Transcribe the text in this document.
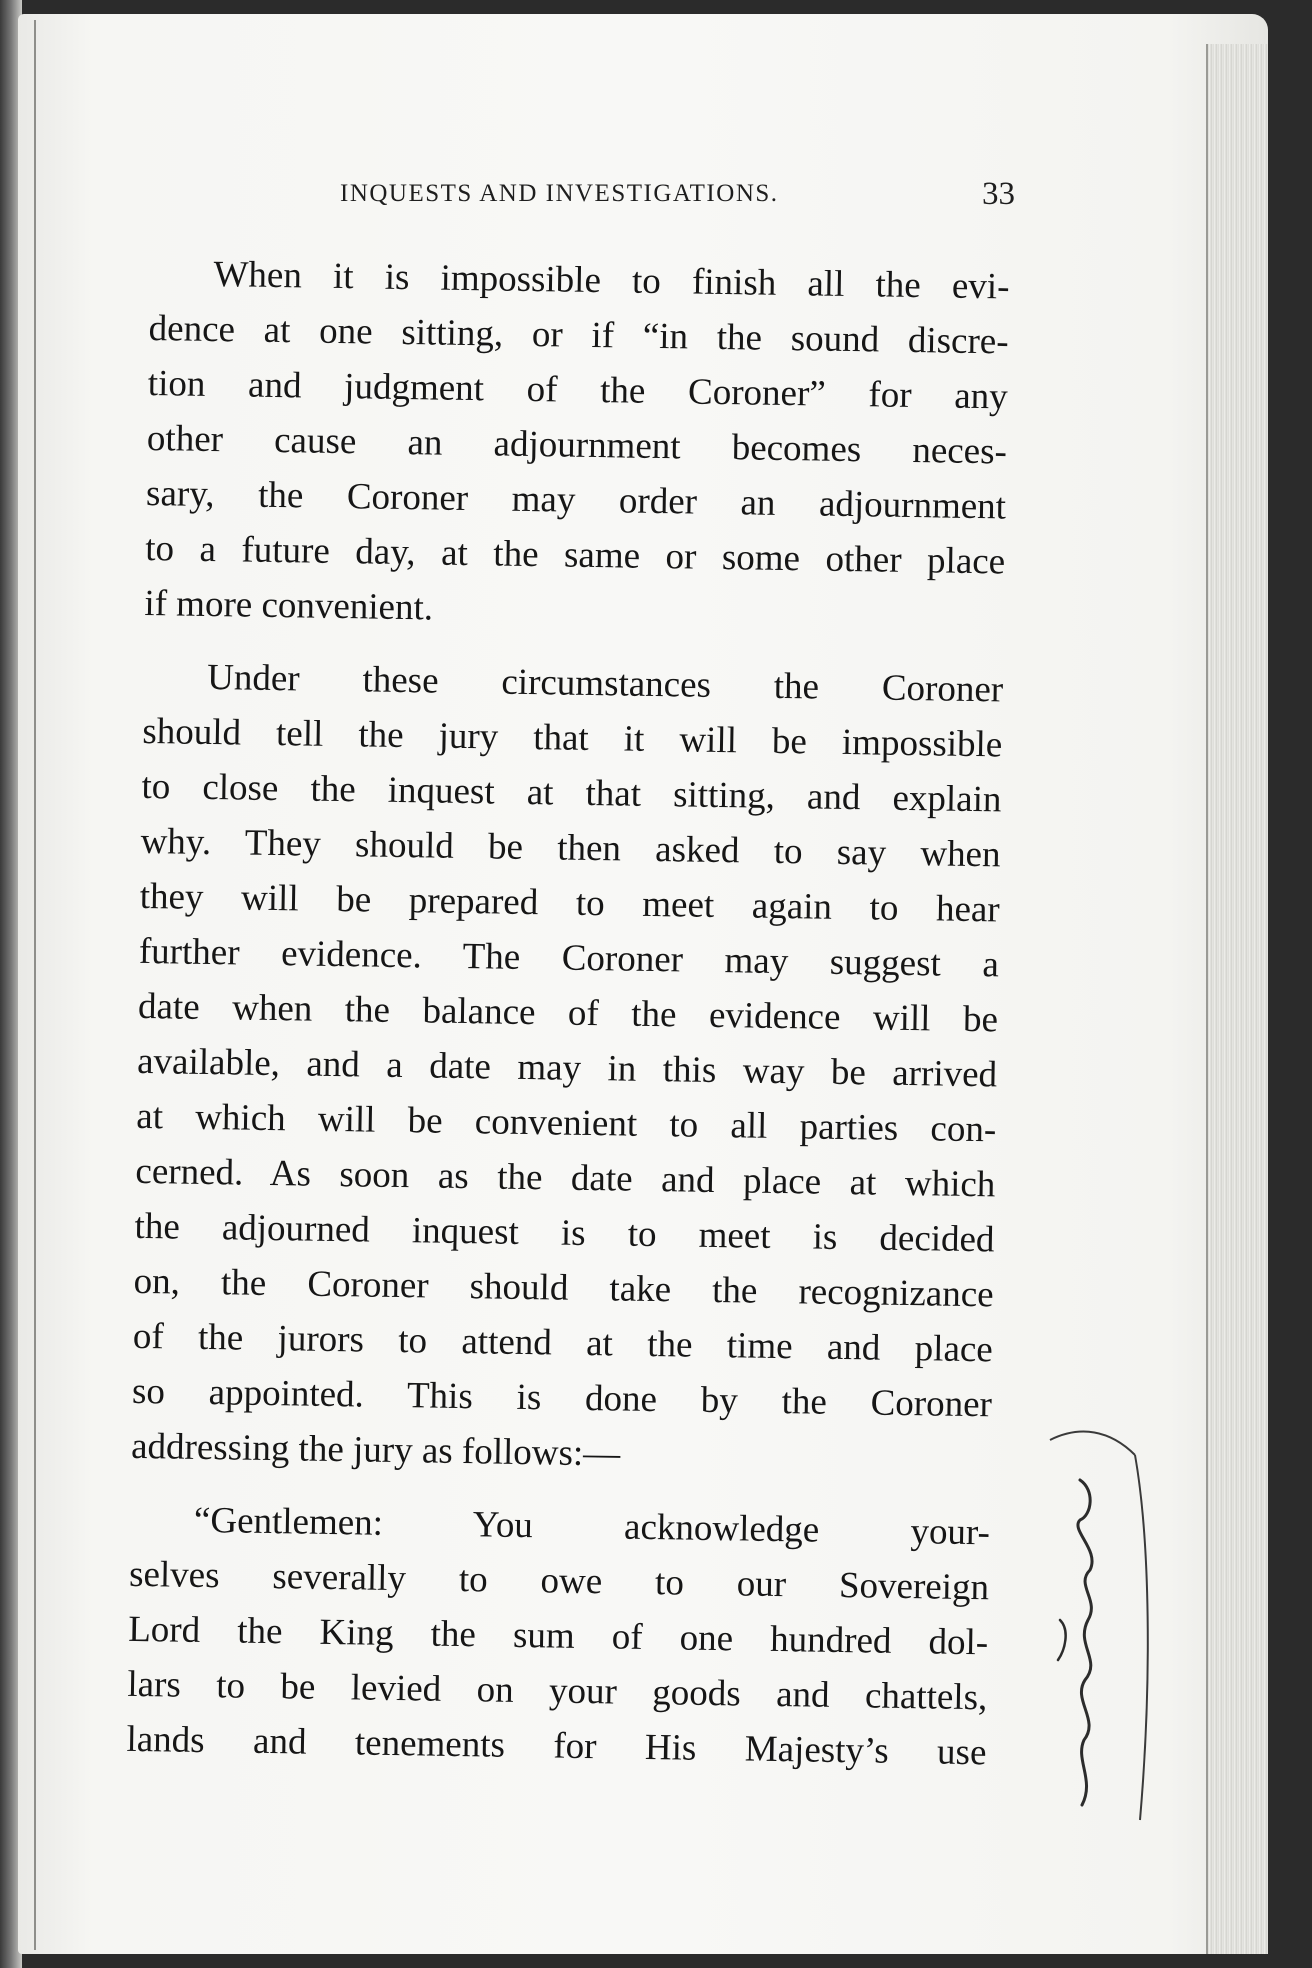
INQUESTS AND INVESTIGATIONS.	33

When it is impossible to finish all the evi-
dence at one sitting, or if “in the sound discre-
tion and judgment of the Coroner” for any
other cause an adjournment becomes neces-
sary, the Coroner may order an adjournment
to a future day, at the same or some other place
if more convenient.

Under these circumstances the Coroner
should tell the jury that it will be impossible
to close the inquest at that sitting, and explain
why. They should be then asked to say when
they will be prepared to meet again to hear
further evidence. The Coroner may suggest a
date when the balance of the evidence will be
available, and a date may in this way be arrived
at which will be convenient to all parties con-
cerned. As soon as the date and place at which
the adjourned inquest is to meet is decided
on, the Coroner should take the recognizance
of the jurors to attend at the time and place
so appointed. This is done by the Coroner
addressing the jury as follows:—

“Gentlemen: You acknowledge your-
selves severally to owe to our Sovereign
Lord the King the sum of one hundred dol-
lars to be levied on your goods and chattels,
lands and tenements for His Majesty’s use
